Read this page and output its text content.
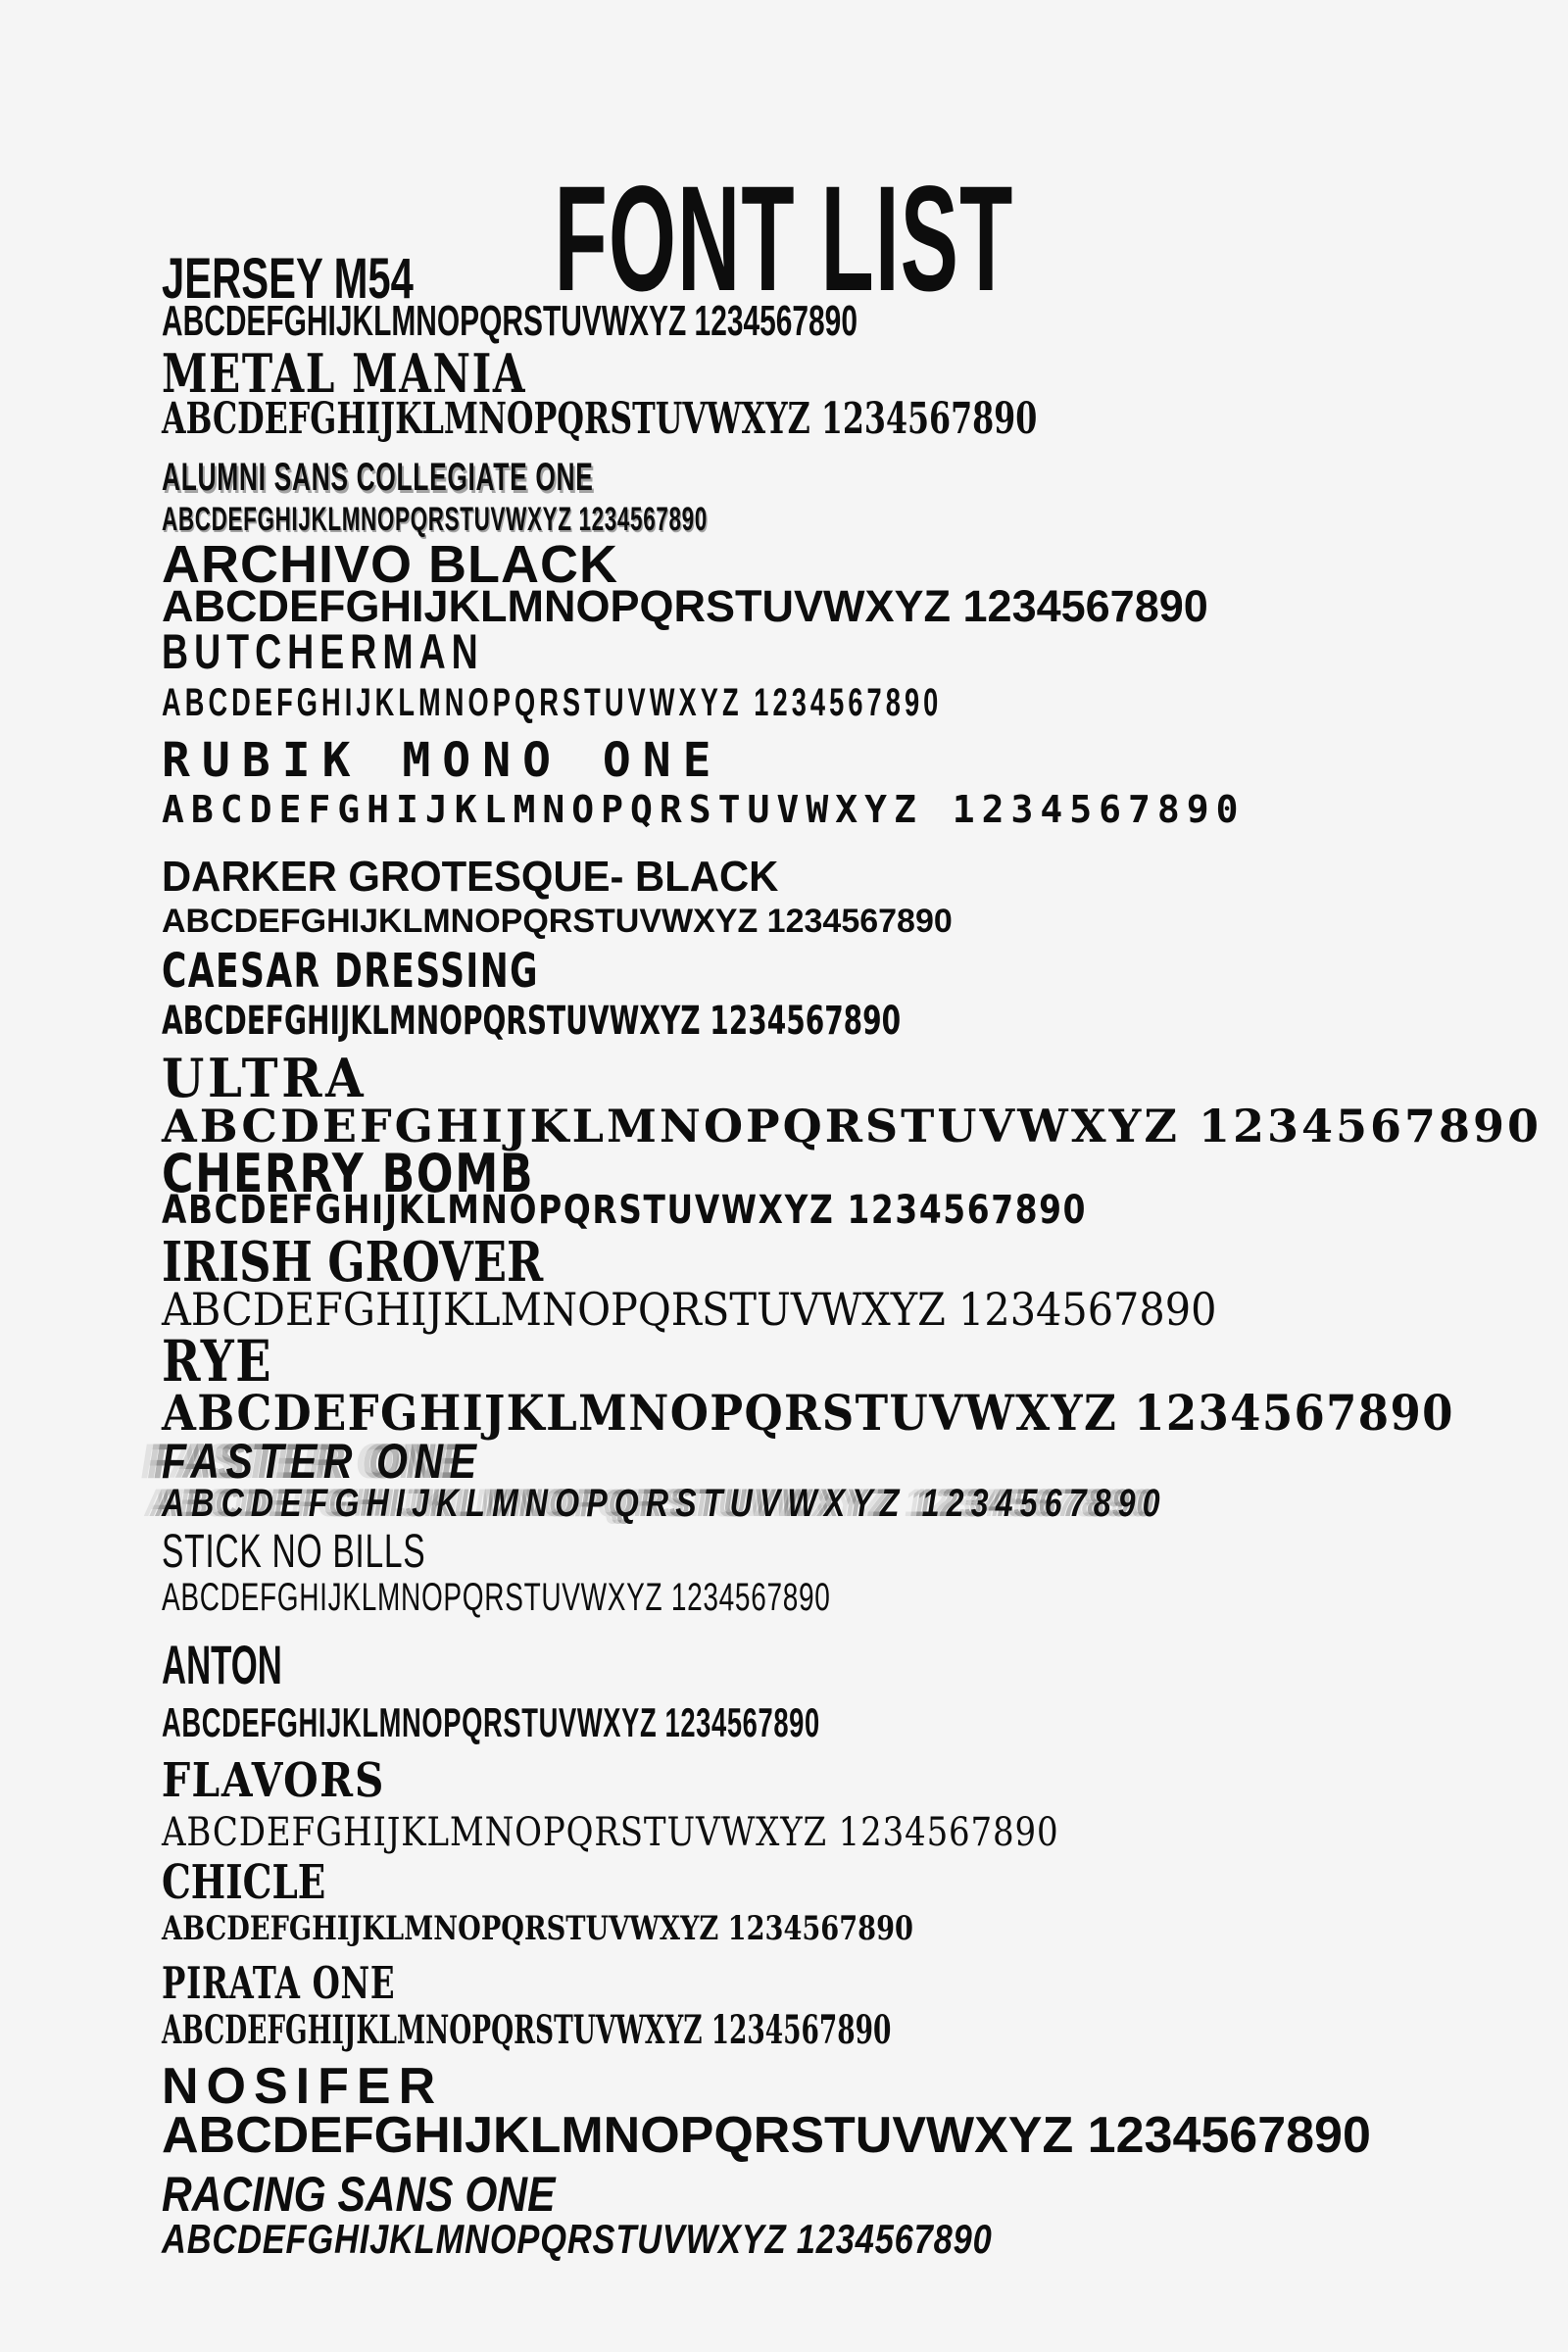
FONT LIST
JERSEY M54
ABCDEFGHIJKLMNOPQRSTUVWXYZ 1234567890
METAL MANIA
ABCDEFGHIJKLMNOPQRSTUVWXYZ 1234567890
ALUMNI SANS COLLEGIATE ONE
ABCDEFGHIJKLMNOPQRSTUVWXYZ 1234567890
ARCHIVO BLACK
ABCDEFGHIJKLMNOPQRSTUVWXYZ 1234567890
BUTCHERMAN
ABCDEFGHIJKLMNOPQRSTUVWXYZ 1234567890
RUBIK MONO ONE
ABCDEFGHIJKLMNOPQRSTUVWXYZ 1234567890
DARKER GROTESQUE- BLACK
ABCDEFGHIJKLMNOPQRSTUVWXYZ 1234567890
CAESAR DRESSING
ABCDEFGHIJKLMNOPQRSTUVWXYZ 1234567890
ULTRA
ABCDEFGHIJKLMNOPQRSTUVWXYZ 1234567890
CHERRY BOMB
ABCDEFGHIJKLMNOPQRSTUVWXYZ 1234567890
IRISH GROVER
ABCDEFGHIJKLMNOPQRSTUVWXYZ 1234567890
RYE
ABCDEFGHIJKLMNOPQRSTUVWXYZ 1234567890
FASTER ONE
ABCDEFGHIJKLMNOPQRSTUVWXYZ 1234567890
STICK NO BILLS
ABCDEFGHIJKLMNOPQRSTUVWXYZ 1234567890
ANTON
ABCDEFGHIJKLMNOPQRSTUVWXYZ 1234567890
FLAVORS
ABCDEFGHIJKLMNOPQRSTUVWXYZ 1234567890
CHICLE
ABCDEFGHIJKLMNOPQRSTUVWXYZ 1234567890
PIRATA ONE
ABCDEFGHIJKLMNOPQRSTUVWXYZ 1234567890
NOSIFER
ABCDEFGHIJKLMNOPQRSTUVWXYZ 1234567890
RACING SANS ONE
ABCDEFGHIJKLMNOPQRSTUVWXYZ 1234567890
